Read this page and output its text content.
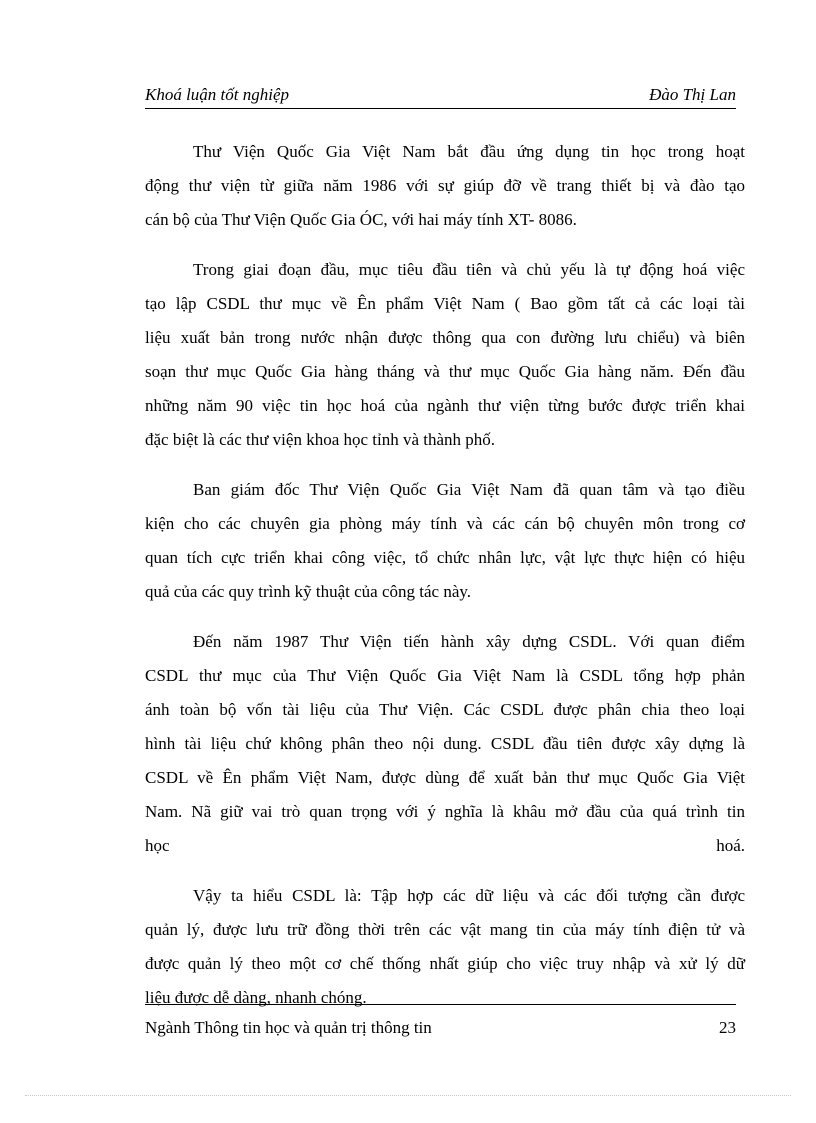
Khoá luận tốt nghiệp	Đào Thị Lan

Thư Viện Quốc Gia Việt Nam bắt đầu ứng dụng tin học trong hoạt
động thư viện từ giữa năm 1986 với sự giúp đỡ về trang thiết bị và đào tạo
cán bộ của Thư Viện Quốc Gia ÓC, với hai máy tính XT- 8086.

Trong giai đoạn đầu, mục tiêu đầu tiên và chủ yếu là tự động hoá việc
tạo lập CSDL thư mục về Ên phẩm Việt Nam ( Bao gồm tất cả các loại tài
liệu xuất bản trong nước nhận được thông qua con đường lưu chiểu) và biên
soạn thư mục Quốc Gia hàng tháng và thư mục Quốc Gia hàng năm. Đến đầu
những năm 90 việc tin học hoá của ngành thư viện từng bước được triển khai
đặc biệt là các thư viện khoa học tỉnh và thành phố.

Ban giám đốc Thư Viện Quốc Gia Việt Nam đã quan tâm và tạo điều
kiện cho các chuyên gia phòng máy tính và các cán bộ chuyên môn trong cơ
quan tích cực triển khai công việc, tổ chức nhân lực, vật lực thực hiện có hiệu
quả của các quy trình kỹ thuật của công tác này.

Đến năm 1987 Thư Viện tiến hành xây dựng CSDL. Với quan điểm
CSDL thư mục của Thư Viện Quốc Gia Việt Nam là CSDL tổng hợp phản
ánh toàn bộ vốn tài liệu của Thư Viện. Các CSDL được phân chia theo loại
hình tài liệu chứ không phân theo nội dung. CSDL đầu tiên được xây dựng là
CSDL về Ên phẩm Việt Nam, được dùng để xuất bản thư mục Quốc Gia Việt
Nam. Nã giữ vai trò quan trọng với ý nghĩa là khâu mở đầu của quá trình tin
học hoá.

Vậy ta hiểu CSDL là: Tập hợp các dữ liệu và các đối tượng cần được
quản lý, được lưu trữ đồng thời trên các vật mang tin của máy tính điện tử và
được quản lý theo một cơ chế thống nhất giúp cho việc truy nhập và xử lý dữ
liệu được dễ dàng, nhanh chóng.

Ngành Thông tin học và quản trị thông tin	23
